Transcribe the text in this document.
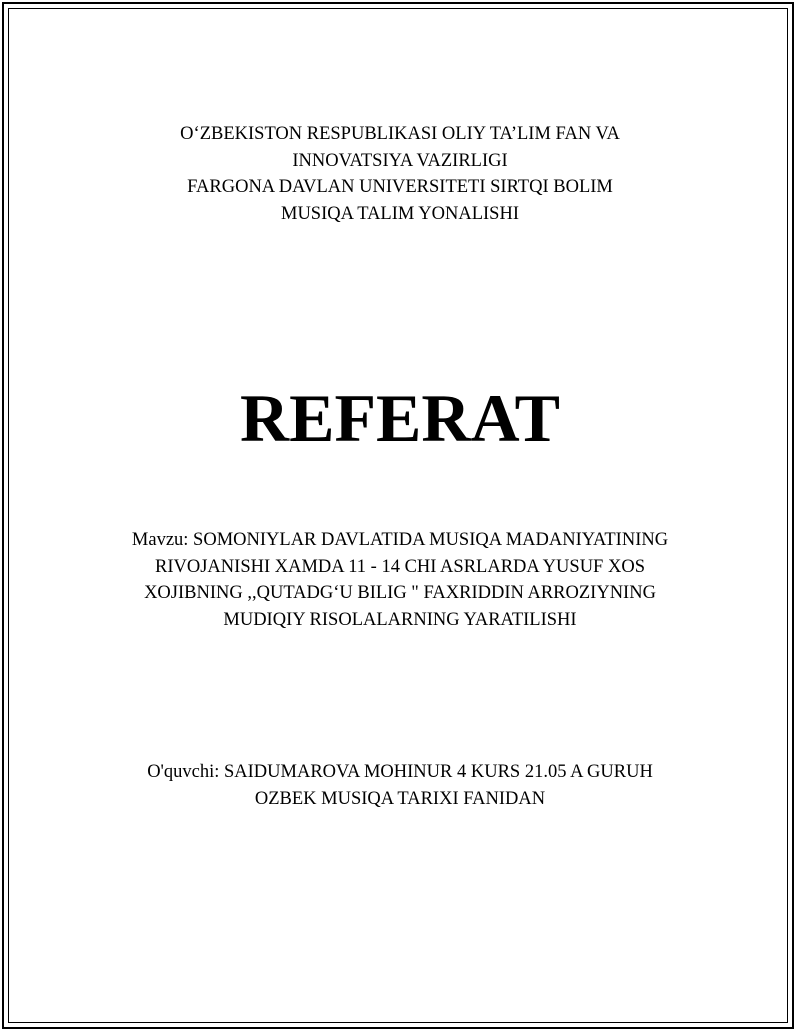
O‘ZBEKISTON RESPUBLIKASI OLIY TA’LIM FAN VA
INNOVATSIYA VAZIRLIGI
FARGONA DAVLAN UNIVERSITETI SIRTQI BOLIM
MUSIQA TALIM YONALISHI
REFERAT
Mavzu: SOMONIYLAR DAVLATIDA MUSIQA MADANIYATINING
RIVOJANISHI XAMDA 11 - 14 CHI ASRLARDA YUSUF XOS
XOJIBNING ,,QUTADG‘U BILIG " FAXRIDDIN ARROZIYNING
MUDIQIY RISOLALARNING YARATILISHI
O'quvchi: SAIDUMAROVA MOHINUR 4 KURS 21.05 A GURUH
OZBEK MUSIQA TARIXI FANIDAN
